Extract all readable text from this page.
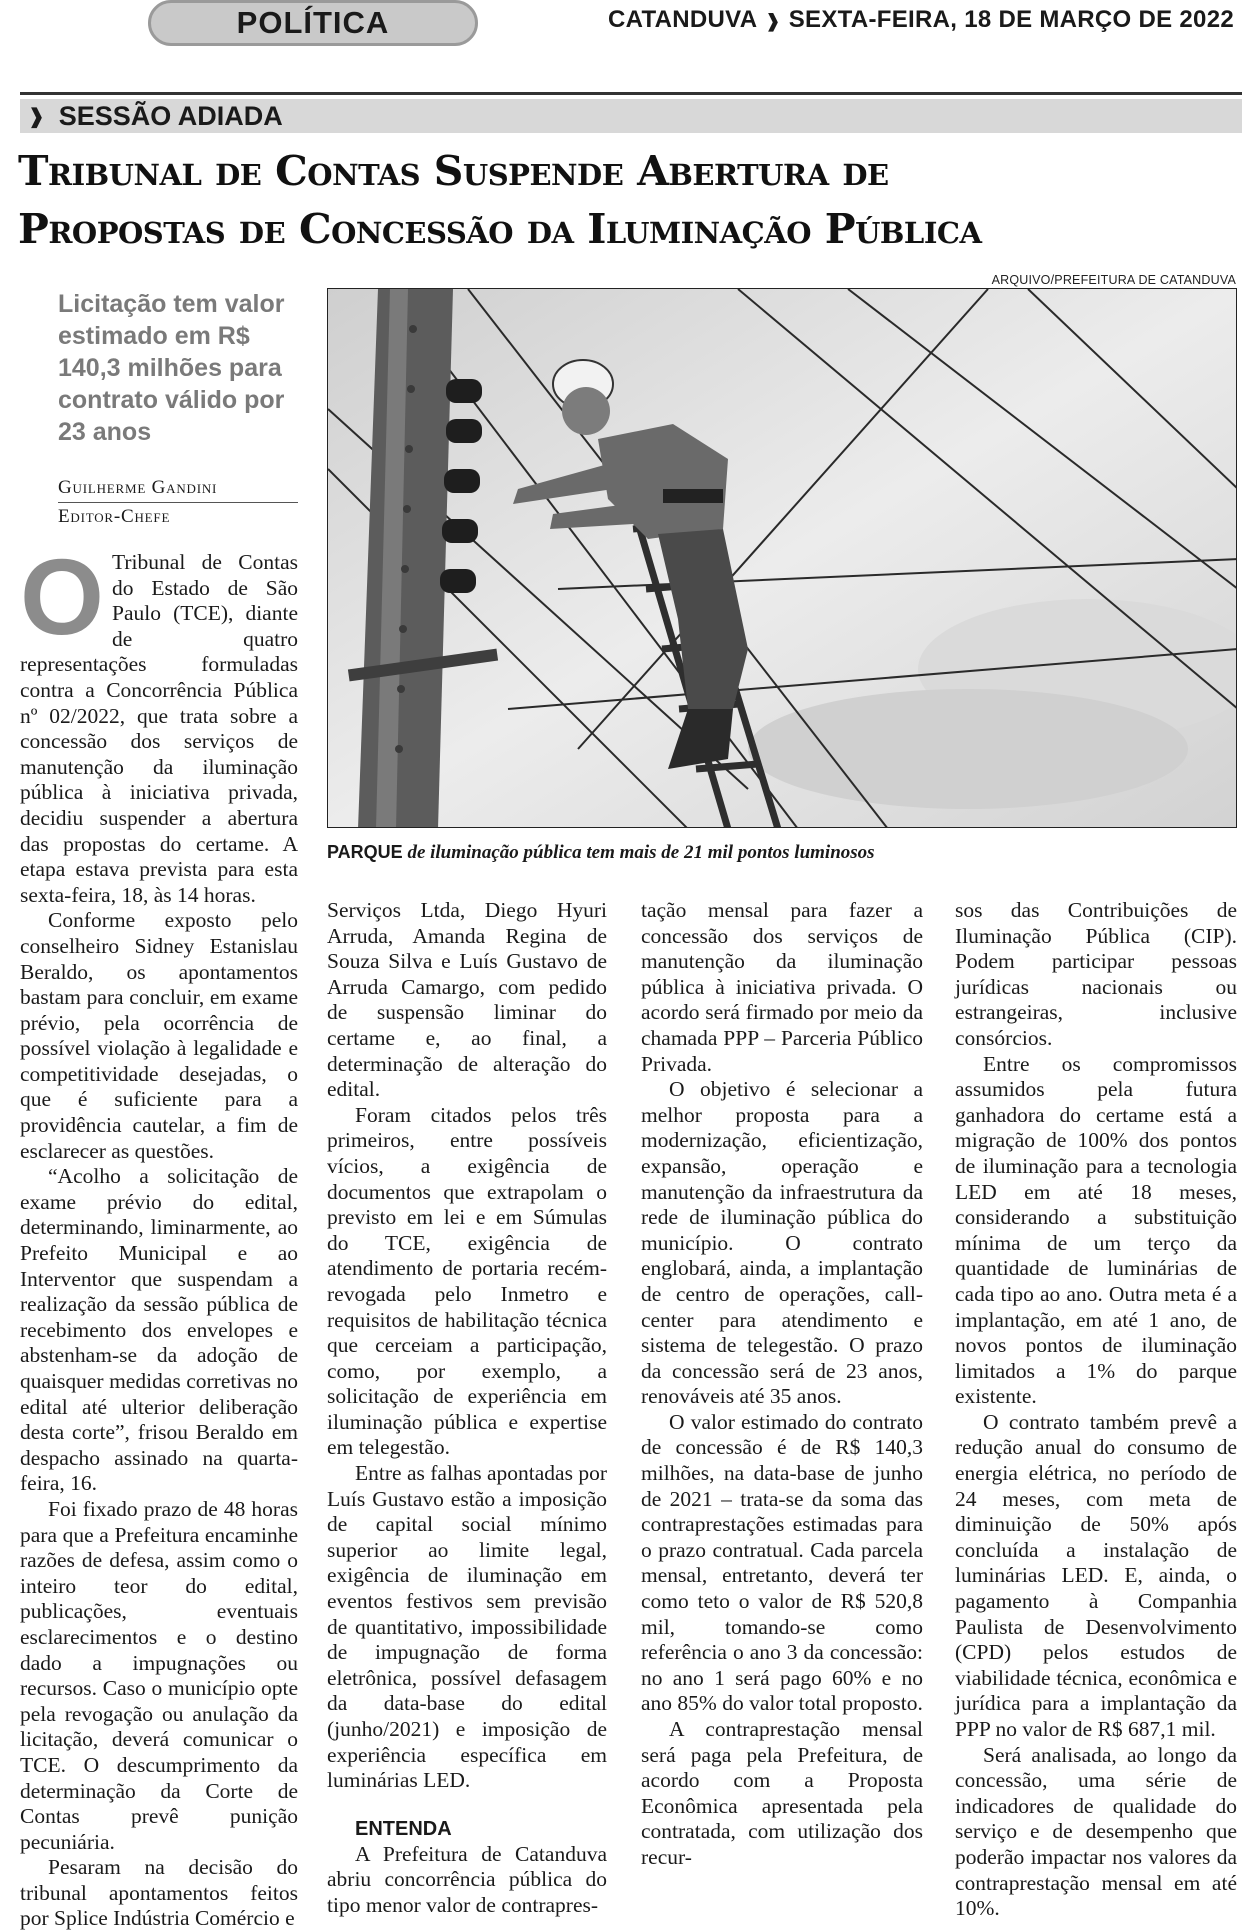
POLÍTICA	CATANDUVA ❱ SEXTA-FEIRA, 18 DE MARÇO DE 2022
❱ SESSÃO ADIADA
Tribunal de Contas Suspende Abertura de
Propostas de Concessão da Iluminação Pública
ARQUIVO/PREFEITURA DE CATANDUVA

Licitação tem valor estimado em R$ 140,3 milhões para contrato válido por 23 anos

Guilherme Gandini
Editor-Chefe
PARQUE de iluminação pública tem mais de 21 mil pontos luminosos
O Tribunal de Contas do Estado de São Paulo (TCE), diante de quatro representações formuladas contra a Concorrência Pública nº 02/2022, que trata sobre a concessão dos serviços de manutenção da iluminação pública à iniciativa privada, decidiu suspender a abertura das propostas do certame. A etapa estava prevista para esta sexta-feira, 18, às 14 horas.

Conforme exposto pelo conselheiro Sidney Estanislau Beraldo, os apontamentos bastam para concluir, em exame prévio, pela ocorrência de possível violação à legalidade e competitividade desejadas, o que é suficiente para a providência cautelar, a fim de esclarecer as questões.

“Acolho a solicitação de exame prévio do edital, determinando, liminarmente, ao Prefeito Municipal e ao Interventor que suspendam a realização da sessão pública de recebimento dos envelopes e abstenham-se da adoção de quaisquer medidas corretivas no edital até ulterior deliberação desta corte”, frisou Beraldo em despacho assinado na quarta-feira, 16.

Foi fixado prazo de 48 horas para que a Prefeitura encaminhe razões de defesa, assim como o inteiro teor do edital, publicações, eventuais esclarecimentos e o destino dado a impugnações ou recursos. Caso o município opte pela revogação ou anulação da licitação, deverá comunicar o TCE. O descumprimento da determinação da Corte de Contas prevê punição pecuniária.

Pesaram na decisão do tribunal apontamentos feitos por Splice Indústria Comércio e

Serviços Ltda, Diego Hyuri Arruda, Amanda Regina de Souza Silva e Luís Gustavo de Arruda Camargo, com pedido de suspensão liminar do certame e, ao final, a determinação de alteração do edital.

Foram citados pelos três primeiros, entre possíveis vícios, a exigência de documentos que extrapolam o previsto em lei e em Súmulas do TCE, exigência de atendimento de portaria recém-revogada pelo Inmetro e requisitos de habilitação técnica que cerceiam a participação, como, por exemplo, a solicitação de experiência em iluminação pública e expertise em telegestão.

Entre as falhas apontadas por Luís Gustavo estão a imposição de capital social mínimo superior ao limite legal, exigência de iluminação em eventos festivos sem previsão de quantitativo, impossibilidade de impugnação de forma eletrônica, possível defasagem da data-base do edital (junho/2021) e imposição de experiência específica em luminárias LED.

ENTENDA

A Prefeitura de Catanduva abriu concorrência pública do tipo menor valor de contrapres-

tação mensal para fazer a concessão dos serviços de manutenção da iluminação pública à iniciativa privada. O acordo será firmado por meio da chamada PPP – Parceria Público Privada.

O objetivo é selecionar a melhor proposta para a modernização, eficientização, expansão, operação e manutenção da infraestrutura da rede de iluminação pública do município. O contrato englobará, ainda, a implantação de centro de operações, call-center para atendimento e sistema de telegestão. O prazo da concessão será de 23 anos, renováveis até 35 anos.

O valor estimado do contrato de concessão é de R$ 140,3 milhões, na data-base de junho de 2021 – trata-se da soma das contraprestações estimadas para o prazo contratual. Cada parcela mensal, entretanto, deverá ter como teto o valor de R$ 520,8 mil, tomando-se como referência o ano 3 da concessão: no ano 1 será pago 60% e no ano 85% do valor total proposto.

A contraprestação mensal será paga pela Prefeitura, de acordo com a Proposta Econômica apresentada pela contratada, com utilização dos recur-

sos das Contribuições de Iluminação Pública (CIP). Podem participar pessoas jurídicas nacionais ou estrangeiras, inclusive consórcios.

Entre os compromissos assumidos pela futura ganhadora do certame está a migração de 100% dos pontos de iluminação para a tecnologia LED em até 18 meses, considerando a substituição mínima de um terço da quantidade de luminárias de cada tipo ao ano. Outra meta é a implantação, em até 1 ano, de novos pontos de iluminação limitados a 1% do parque existente.

O contrato também prevê a redução anual do consumo de energia elétrica, no período de 24 meses, com meta de diminuição de 50% após concluída a instalação de luminárias LED. E, ainda, o pagamento à Companhia Paulista de Desenvolvimento (CPD) pelos estudos de viabilidade técnica, econômica e jurídica para a implantação da PPP no valor de R$ 687,1 mil.

Será analisada, ao longo da concessão, uma série de indicadores de qualidade do serviço e de desempenho que poderão impactar nos valores da contraprestação mensal em até 10%.
